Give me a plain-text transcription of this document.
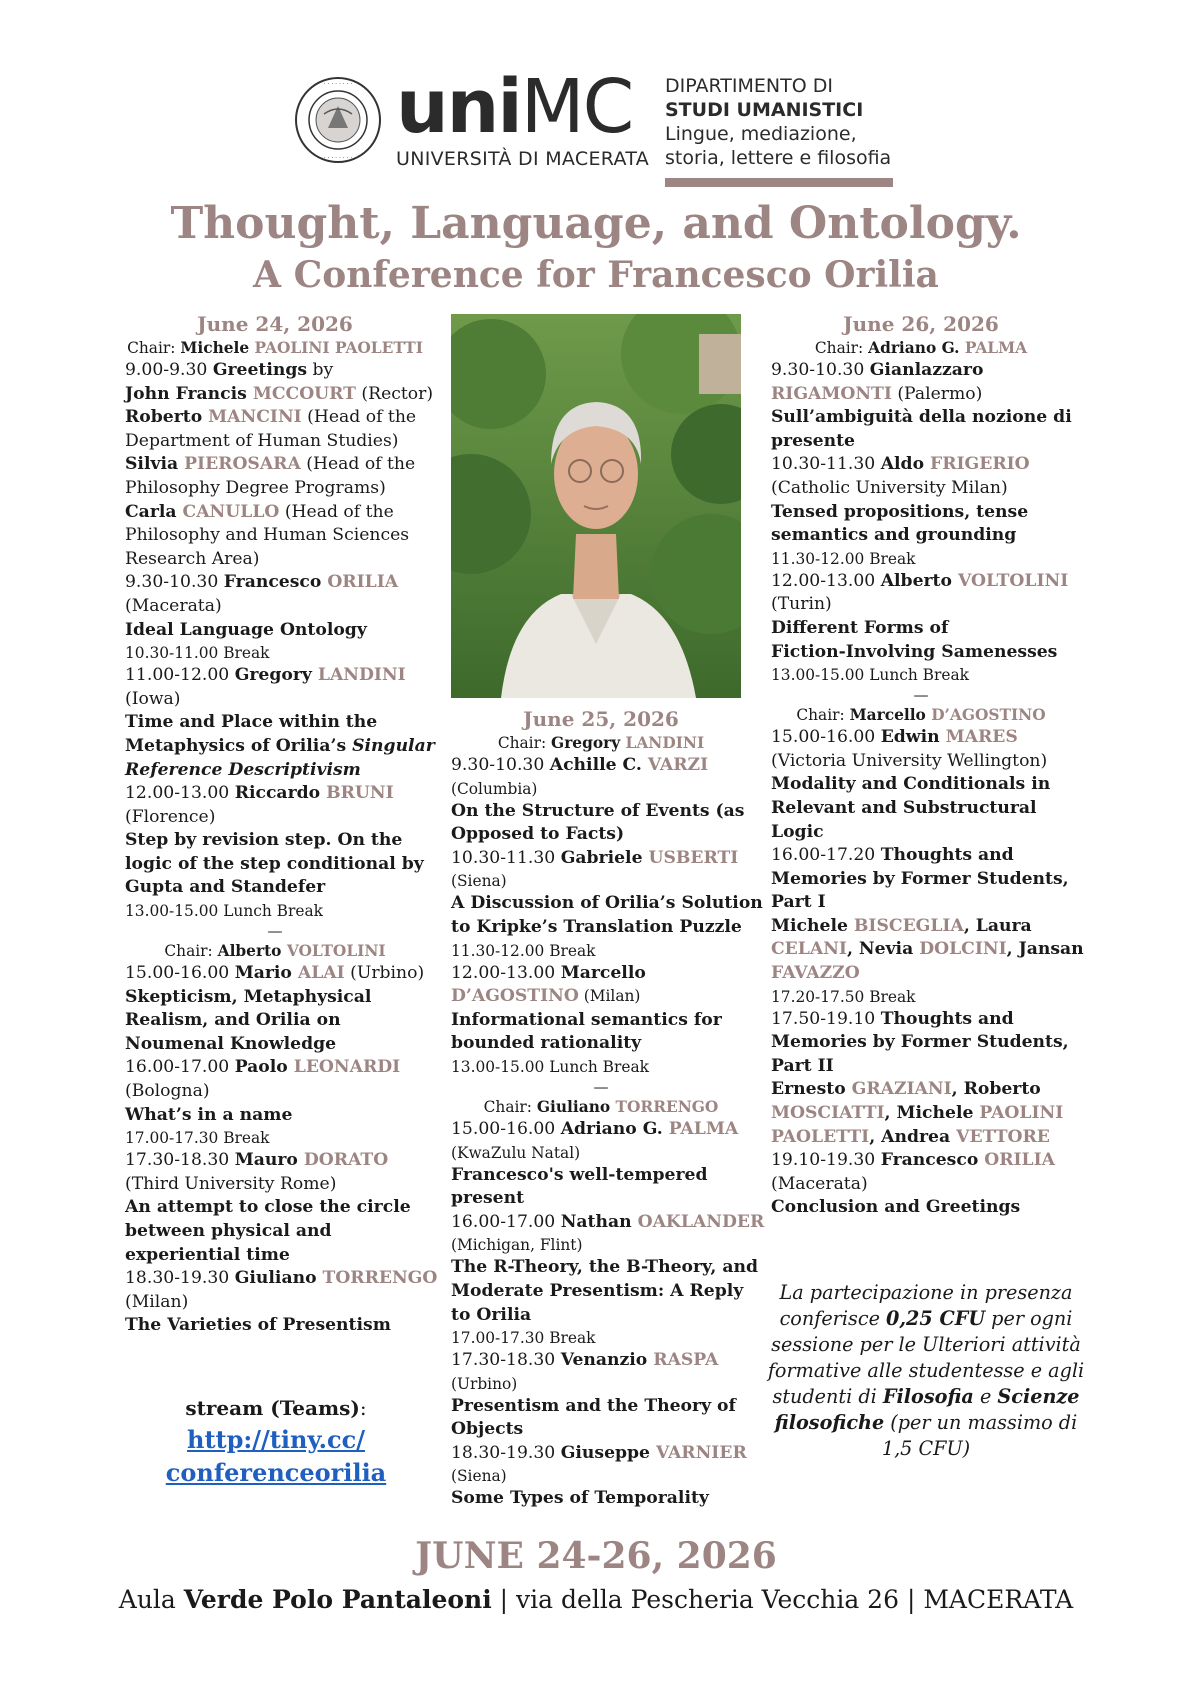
· · · · · · · ·
· · · · · · · ·
uniMC
UNIVERSITÀ DI MACERATA
DIPARTIMENTO DI
STUDI UMANISTICI
Lingue, mediazione,
storia, lettere e filosofia
Thought, Language, and Ontology.
A Conference for Francesco Orilia
June 24, 2026
Chair: Michele PAOLINI PAOLETTI
9.00-9.30 Greetings by
John Francis MCCOURT (Rector)
Roberto MANCINI (Head of the
Department of Human Studies)
Silvia PIEROSARA (Head of the
Philosophy Degree Programs)
Carla CANULLO (Head of the
Philosophy and Human Sciences
Research Area)
9.30-10.30 Francesco ORILIA
(Macerata)
Ideal Language Ontology
10.30-11.00 Break
11.00-12.00 Gregory LANDINI
(Iowa)
Time and Place within the
Metaphysics of Orilia’s Singular
Reference Descriptivism
12.00-13.00 Riccardo BRUNI
(Florence)
Step by revision step. On the
logic of the step conditional by
Gupta and Standefer
13.00-15.00 Lunch Break
—
Chair: Alberto VOLTOLINI
15.00-16.00 Mario ALAI (Urbino)
Skepticism, Metaphysical
Realism, and Orilia on
Noumenal Knowledge
16.00-17.00 Paolo LEONARDI
(Bologna)
What’s in a name
17.00-17.30 Break
17.30-18.30 Mauro DORATO
(Third University Rome)
An attempt to close the circle
between physical and
experiential time
18.30-19.30 Giuliano TORRENGO
(Milan)
The Varieties of Presentism
June 25, 2026
Chair: Gregory LANDINI
9.30-10.30 Achille C. VARZI
(Columbia)
On the Structure of Events (as
Opposed to Facts)
10.30-11.30 Gabriele USBERTI
(Siena)
A Discussion of Orilia’s Solution
to Kripke’s Translation Puzzle
11.30-12.00 Break
12.00-13.00 Marcello
D’AGOSTINO (Milan)
Informational semantics for
bounded rationality
13.00-15.00 Lunch Break
—
Chair: Giuliano TORRENGO
15.00-16.00 Adriano G. PALMA
(KwaZulu Natal)
Francesco's well-tempered
present
16.00-17.00 Nathan OAKLANDER
(Michigan, Flint)
The R-Theory, the B-Theory, and
Moderate Presentism: A Reply
to Orilia
17.00-17.30 Break
17.30-18.30 Venanzio RASPA
(Urbino)
Presentism and the Theory of
Objects
18.30-19.30 Giuseppe VARNIER
(Siena)
Some Types of Temporality
June 26, 2026
Chair: Adriano G. PALMA
9.30-10.30 Gianlazzaro
RIGAMONTI (Palermo)
Sull’ambiguità della nozione di
presente
10.30-11.30 Aldo FRIGERIO
(Catholic University Milan)
Tensed propositions, tense
semantics and grounding
11.30-12.00 Break
12.00-13.00 Alberto VOLTOLINI
(Turin)
Different Forms of
Fiction-Involving Samenesses
13.00-15.00 Lunch Break
—
Chair: Marcello D’AGOSTINO
15.00-16.00 Edwin MARES
(Victoria University Wellington)
Modality and Conditionals in
Relevant and Substructural
Logic
16.00-17.20 Thoughts and
Memories by Former Students,
Part I
Michele BISCEGLIA, Laura
CELANI, Nevia DOLCINI, Jansan
FAVAZZO
17.20-17.50 Break
17.50-19.10 Thoughts and
Memories by Former Students,
Part II
Ernesto GRAZIANI, Roberto
MOSCIATTI, Michele PAOLINI
PAOLETTI, Andrea VETTORE
19.10-19.30 Francesco ORILIA
(Macerata)
Conclusion and Greetings
stream (Teams):
http://tiny.cc/
conferenceorilia
La partecipazione in presenza
conferisce 0,25 CFU per ogni
sessione per le Ulteriori attività
formative alle studentesse e agli
studenti di Filosofia e Scienze
filosofiche (per un massimo di
1,5 CFU)
JUNE 24-26, 2026
Aula Verde Polo Pantaleoni | via della Pescheria Vecchia 26 | MACERATA
